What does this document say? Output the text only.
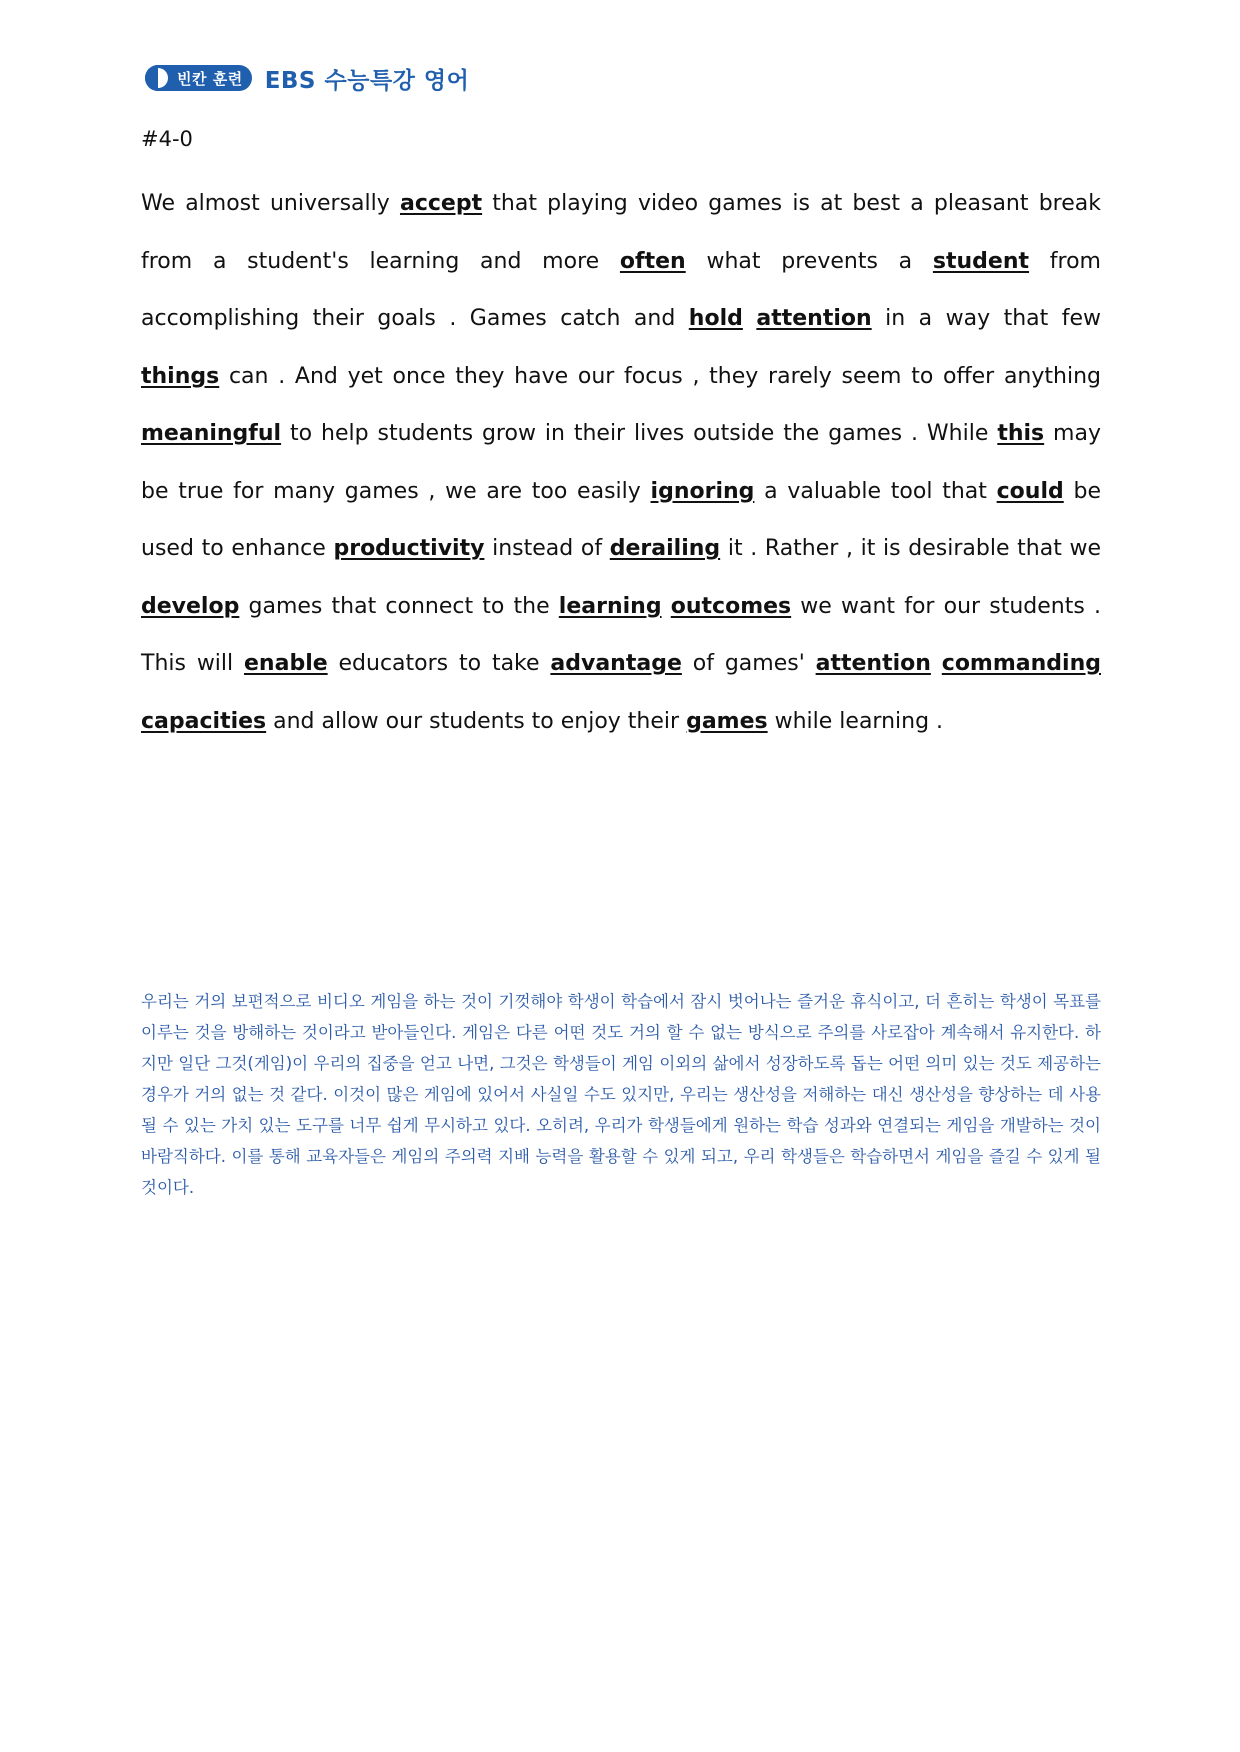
빈칸 훈련 EBS 수능특강 영어
#4-0
We almost universally accept that playing video games is at best a pleasant break from a student's learning and more often what prevents a student from accomplishing their goals . Games catch and hold attention in a way that few things can . And yet once they have our focus , they rarely seem to offer anything meaningful to help students grow in their lives outside the games . While this may be true for many games , we are too easily ignoring a valuable tool that could be used to enhance productivity instead of derailing it . Rather , it is desirable that we develop games that connect to the learning outcomes we want for our students . This will enable educators to take advantage of games' attention commanding capacities and allow our students to enjoy their games while learning .
우리는 거의 보편적으로 비디오 게임을 하는 것이 기껏해야 학생이 학습에서 잠시 벗어나는 즐거운 휴식이고, 더 흔히는 학생이 목표를 이루는 것을 방해하는 것이라고 받아들인다. 게임은 다른 어떤 것도 거의 할 수 없는 방식으로 주의를 사로잡아 계속해서 유지한다. 하지만 일단 그것(게임)이 우리의 집중을 얻고 나면, 그것은 학생들이 게임 이외의 삶에서 성장하도록 돕는 어떤 의미 있는 것도 제공하는 경우가 거의 없는 것 같다. 이것이 많은 게임에 있어서 사실일 수도 있지만, 우리는 생산성을 저해하는 대신 생산성을 향상하는 데 사용될 수 있는 가치 있는 도구를 너무 쉽게 무시하고 있다. 오히려, 우리가 학생들에게 원하는 학습 성과와 연결되는 게임을 개발하는 것이 바람직하다. 이를 통해 교육자들은 게임의 주의력 지배 능력을 활용할 수 있게 되고, 우리 학생들은 학습하면서 게임을 즐길 수 있게 될 것이다.
